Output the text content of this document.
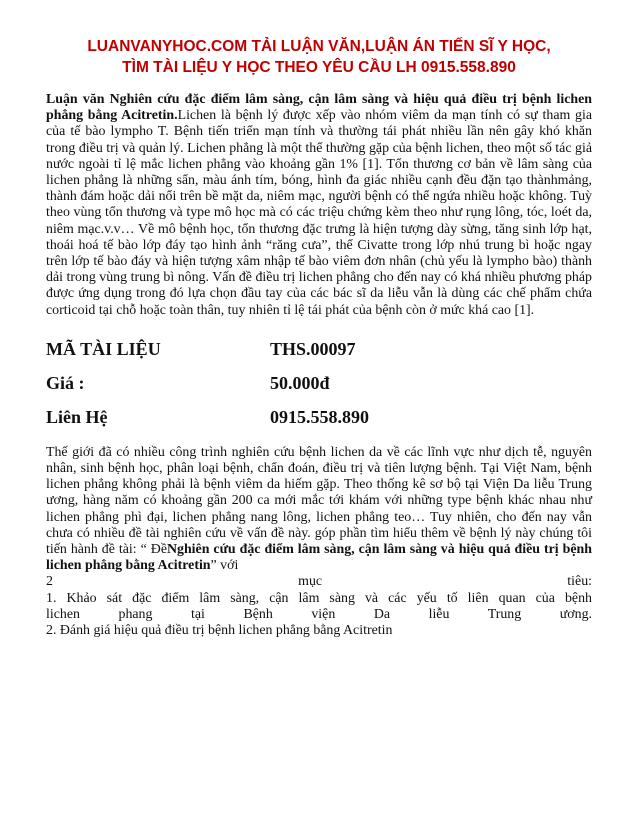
LUANVANYHOC.COM TẢI LUẬN VĂN,LUẬN ÁN TIẾN SĨ Y HỌC,
TÌM TÀI LIỆU Y HỌC THEO YÊU CẦU LH 0915.558.890

Luận văn Nghiên cứu đặc điểm lâm sàng, cận lâm sàng và hiệu quả điều trị bệnh lichen phẳng bằng Acitretin.Lichen là bệnh lý được xếp vào nhóm viêm da mạn tính có sự tham gia của tế bào lympho T. Bệnh tiến triển mạn tính và thường tái phát nhiều lần nên gây khó khăn trong điều trị và quản lý. Lichen phẳng là một thể thường gặp của bệnh lichen, theo một số tác giả nước ngoài tỉ lệ mắc lichen phẳng vào khoảng gần 1% [1]. Tổn thương cơ bản về lâm sàng của lichen phẳng là những sẩn, màu ánh tím, bóng, hình đa giác nhiều cạnh đều đặn tạo thànhmảng, thành đám hoặc dải nổi trên bề mặt da, niêm mạc, người bệnh có thể ngứa nhiều hoặc không. Tuỳ theo vùng tổn thương và type mô học mà có các triệu chứng kèm theo như rụng lông, tóc, loét da, niêm mạc.v.v… Về mô bệnh học, tổn thương đặc trưng là hiện tượng dày sừng, tăng sinh lớp hạt, thoái hoá tế bào lớp đáy tạo hình ảnh “răng cưa”, thể Civatte trong lớp nhú trung bì hoặc ngay trên lớp tế bào đáy và hiện tượng xâm nhập tế bào viêm đơn nhân (chủ yếu là lympho bào) thành dải trong vùng trung bì nông. Vấn đề điều trị lichen phẳng cho đến nay có khá nhiều phương pháp được ứng dụng trong đó lựa chọn đầu tay của các bác sĩ da liễu vẫn là dùng các chế phẩm chứa corticoid tại chỗ hoặc toàn thân, tuy nhiên tỉ lệ tái phát của bệnh còn ở mức khá cao [1].

MÃ TÀI LIỆU	THS.00097
Giá :	50.000đ
Liên Hệ	0915.558.890

Thế giới đã có nhiều công trình nghiên cứu bệnh lichen da về các lĩnh vực như dịch tễ, nguyên nhân, sinh bệnh học, phân loại bệnh, chẩn đoán, điều trị và tiên lượng bệnh. Tại Việt Nam, bệnh lichen phẳng không phải là bệnh viêm da hiếm gặp. Theo thống kê sơ bộ tại Viện Da liễu Trung ương, hàng năm có khoảng gần 200 ca mới mắc tới khám với những type bệnh khác nhau như lichen phẳng phì đại, lichen phẳng nang lông, lichen phẳng teo… Tuy nhiên, cho đến nay vẫn chưa có nhiều đề tài nghiên cứu về vấn đề này. góp phần tìm hiểu thêm về bệnh lý này chúng tôi tiến hành đề tài: “ ĐềNghiên cứu đặc điểm lâm sàng, cận lâm sàng và hiệu quả điều trị bệnh lichen phẳng bằng Acitretin” với
2 mục tiêu:
1. Khảo sát đặc điểm lâm sàng, cận lâm sàng và các yếu tố liên quan của bệnh
lichen phang tại Bệnh viện Da liễu Trung ương.
2. Đánh giá hiệu quả điều trị bệnh lichen phẳng bằng Acitretin
